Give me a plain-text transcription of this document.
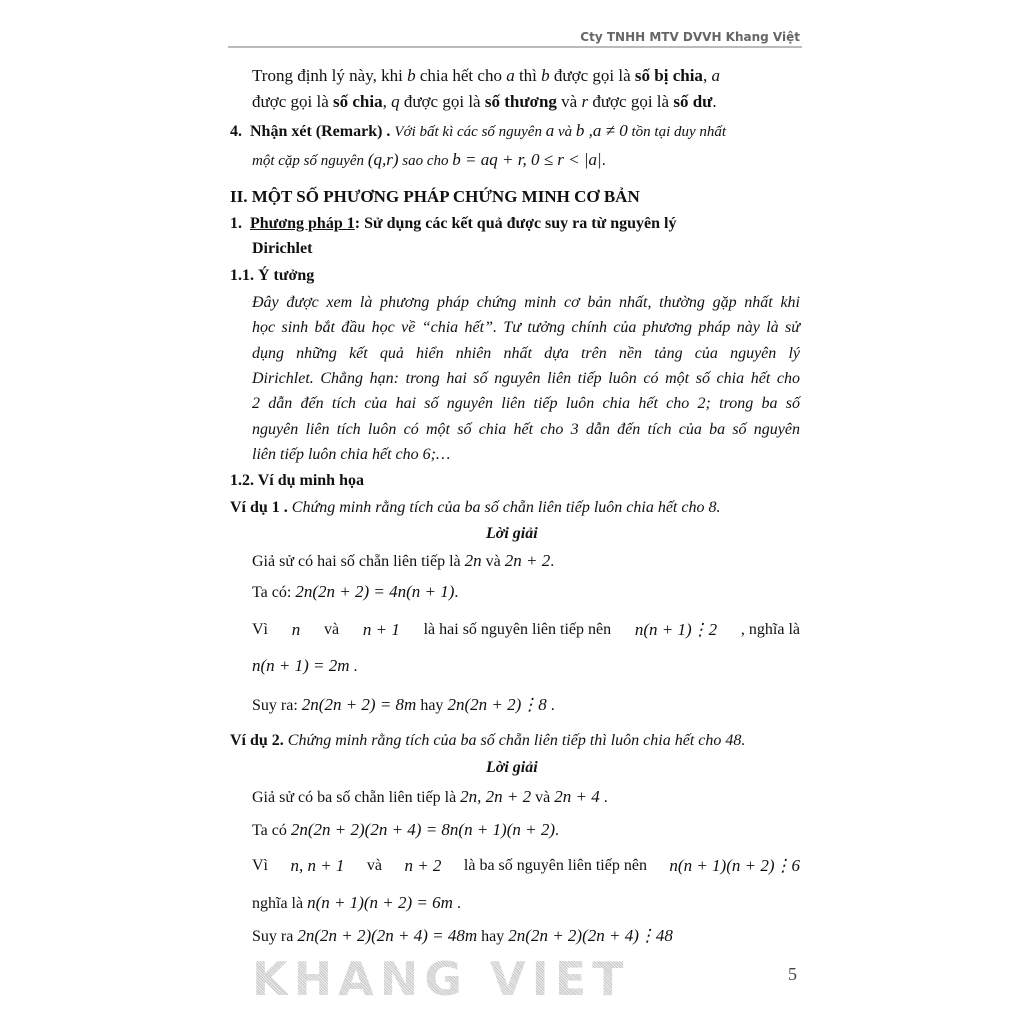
Cty TNHH MTV DVVH Khang Việt
Trong định lý này, khi b chia hết cho a thì b được gọi là số bị chia, a
được gọi là số chia, q được gọi là số thương và r được gọi là số dư.
4. Nhận xét (Remark) . Với bất kì các số nguyên a và b ,a ≠ 0 tồn tại duy nhất
một cặp số nguyên (q,r) sao cho b = aq + r, 0 ≤ r < |a|.
II. MỘT SỐ PHƯƠNG PHÁP CHỨNG MINH CƠ BẢN
1. Phương pháp 1: Sử dụng các kết quả được suy ra từ nguyên lý
Dirichlet
1.1. Ý tưởng
Đây được xem là phương pháp chứng minh cơ bản nhất, thường gặp nhất khi
học sinh bắt đầu học về “chia hết”. Tư tưởng chính của phương pháp này là sử
dụng những kết quả hiển nhiên nhất dựa trên nền tảng của nguyên lý
Dirichlet. Chẳng hạn: trong hai số nguyên liên tiếp luôn có một số chia hết cho
2 dẫn đến tích của hai số nguyên liên tiếp luôn chia hết cho 2; trong ba số
nguyên liên tích luôn có một số chia hết cho 3 dẫn đến tích của ba số nguyên
liên tiếp luôn chia hết cho 6;…
1.2. Ví dụ minh họa
Ví dụ 1 . Chứng minh rằng tích của ba số chẵn liên tiếp luôn chia hết cho 8.
Lời giải
Giả sử có hai số chẵn liên tiếp là 2n và 2n + 2.
Ta có: 2n(2n + 2) = 4n(n + 1).
Vì n và n + 1 là hai số nguyên liên tiếp nên n(n + 1)⋮2 , nghĩa là
n(n + 1) = 2m .
Suy ra: 2n(2n + 2) = 8m hay 2n(2n + 2)⋮8 .
Ví dụ 2. Chứng minh rằng tích của ba số chẵn liên tiếp thì luôn chia hết cho 48.
Lời giải
Giả sử có ba số chẵn liên tiếp là 2n, 2n + 2 và 2n + 4 .
Ta có 2n(2n + 2)(2n + 4) = 8n(n + 1)(n + 2).
Vì n, n + 1 và n + 2 là ba số nguyên liên tiếp nên n(n + 1)(n + 2)⋮6
nghĩa là n(n + 1)(n + 2) = 6m .
Suy ra 2n(2n + 2)(2n + 4) = 48m hay 2n(2n + 2)(2n + 4)⋮48
KHANG VIET	5
